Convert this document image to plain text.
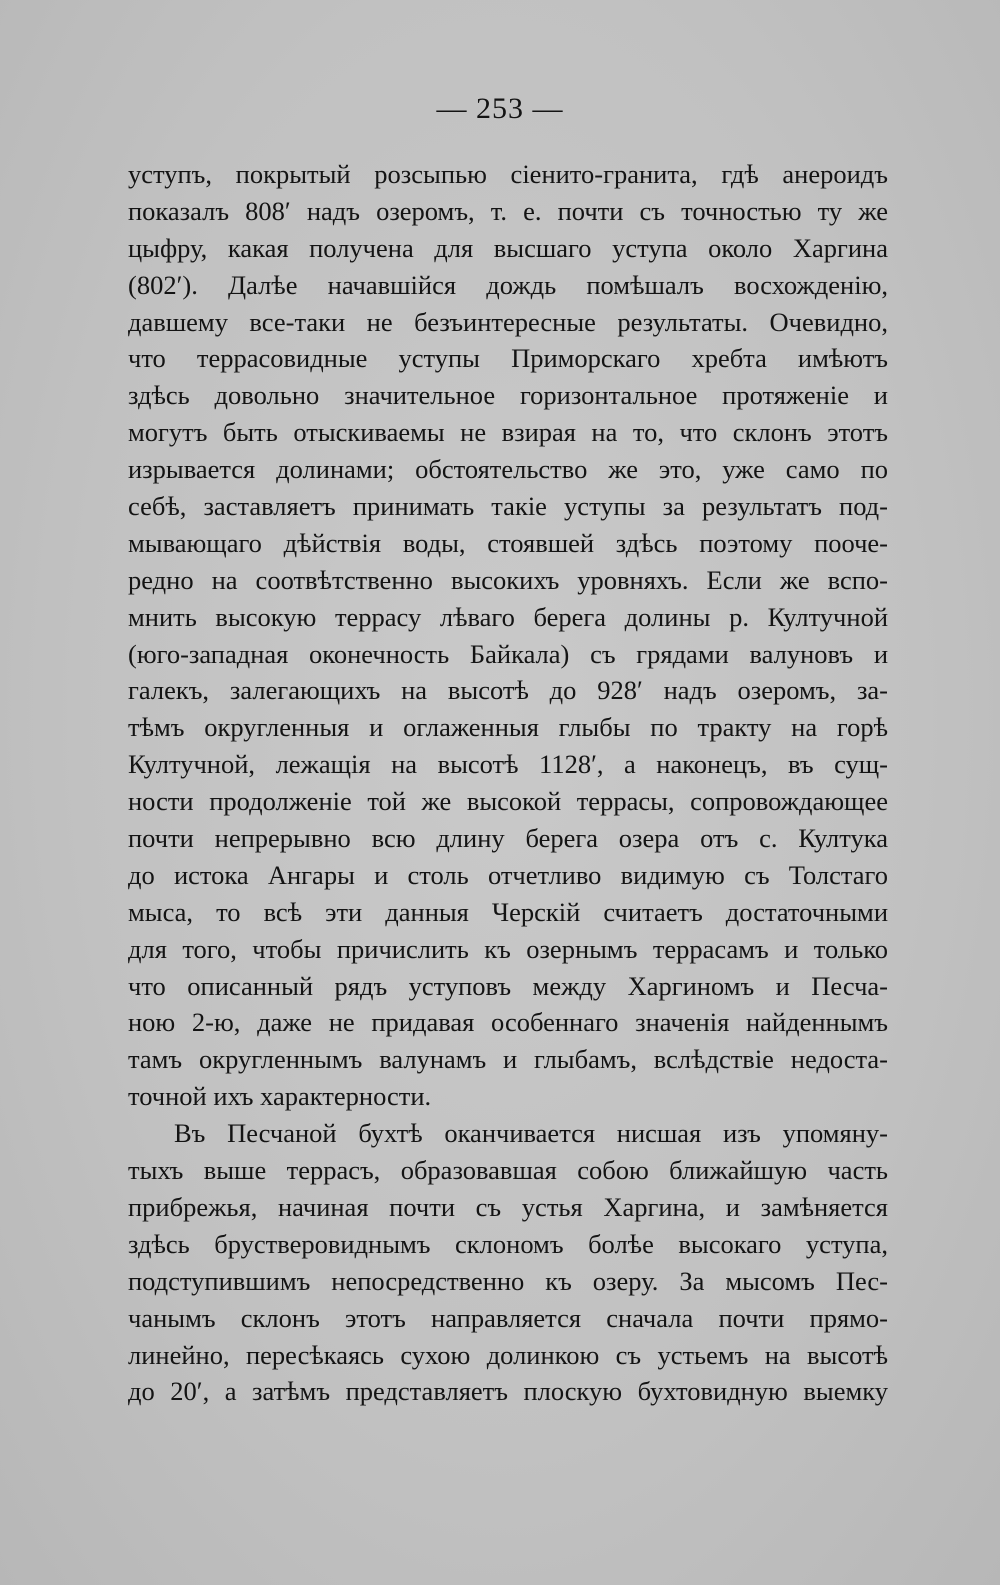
— 253 —
уступъ, покрытый розсыпью сіенито-гранита, гдѣ анероидъ
показалъ 808′ надъ озеромъ, т. е. почти съ точностью ту же
цыфру, какая получена для высшаго уступа около Харгина
(802′). Далѣе начавшійся дождь помѣшалъ восхожденію,
давшему все-таки не безъинтересные результаты. Очевидно,
что террасовидные уступы Приморскаго хребта имѣютъ
здѣсь довольно значительное горизонтальное протяженіе и
могутъ быть отыскиваемы не взирая на то, что склонъ этотъ
изрывается долинами; обстоятельство же это, уже само по
себѣ, заставляетъ принимать такіе уступы за результатъ под-
мывающаго дѣйствія воды, стоявшей здѣсь поэтому пооче-
редно на соотвѣтственно высокихъ уровняхъ. Если же вспо-
мнить высокую террасу лѣваго берега долины р. Култучной
(юго-западная оконечность Байкала) съ грядами валуновъ и
галекъ, залегающихъ на высотѣ до 928′ надъ озеромъ, за-
тѣмъ округленныя и оглаженныя глыбы по тракту на горѣ
Култучной, лежащія на высотѣ 1128′, а наконецъ, въ сущ-
ности продолженіе той же высокой террасы, сопровождающее
почти непрерывно всю длину берега озера отъ с. Култука
до истока Ангары и столь отчетливо видимую съ Толстаго
мыса, то всѣ эти данныя Черскій считаетъ достаточными
для того, чтобы причислить къ озернымъ террасамъ и только
что описанный рядъ уступовъ между Харгиномъ и Песча-
ною 2-ю, даже не придавая особеннаго значенія найденнымъ
тамъ округленнымъ валунамъ и глыбамъ, вслѣдствіе недоста-
точной ихъ характерности.
Въ Песчаной бухтѣ оканчивается нисшая изъ упомяну-
тыхъ выше террасъ, образовавшая собою ближайшую часть
прибрежья, начиная почти съ устья Харгина, и замѣняется
здѣсь брустверовиднымъ склономъ болѣе высокаго уступа,
подступившимъ непосредственно къ озеру. За мысомъ Пес-
чанымъ склонъ этотъ направляется сначала почти прямо-
линейно, пересѣкаясь сухою долинкою съ устьемъ на высотѣ
до 20′, а затѣмъ представляетъ плоскую бухтовидную выемку
